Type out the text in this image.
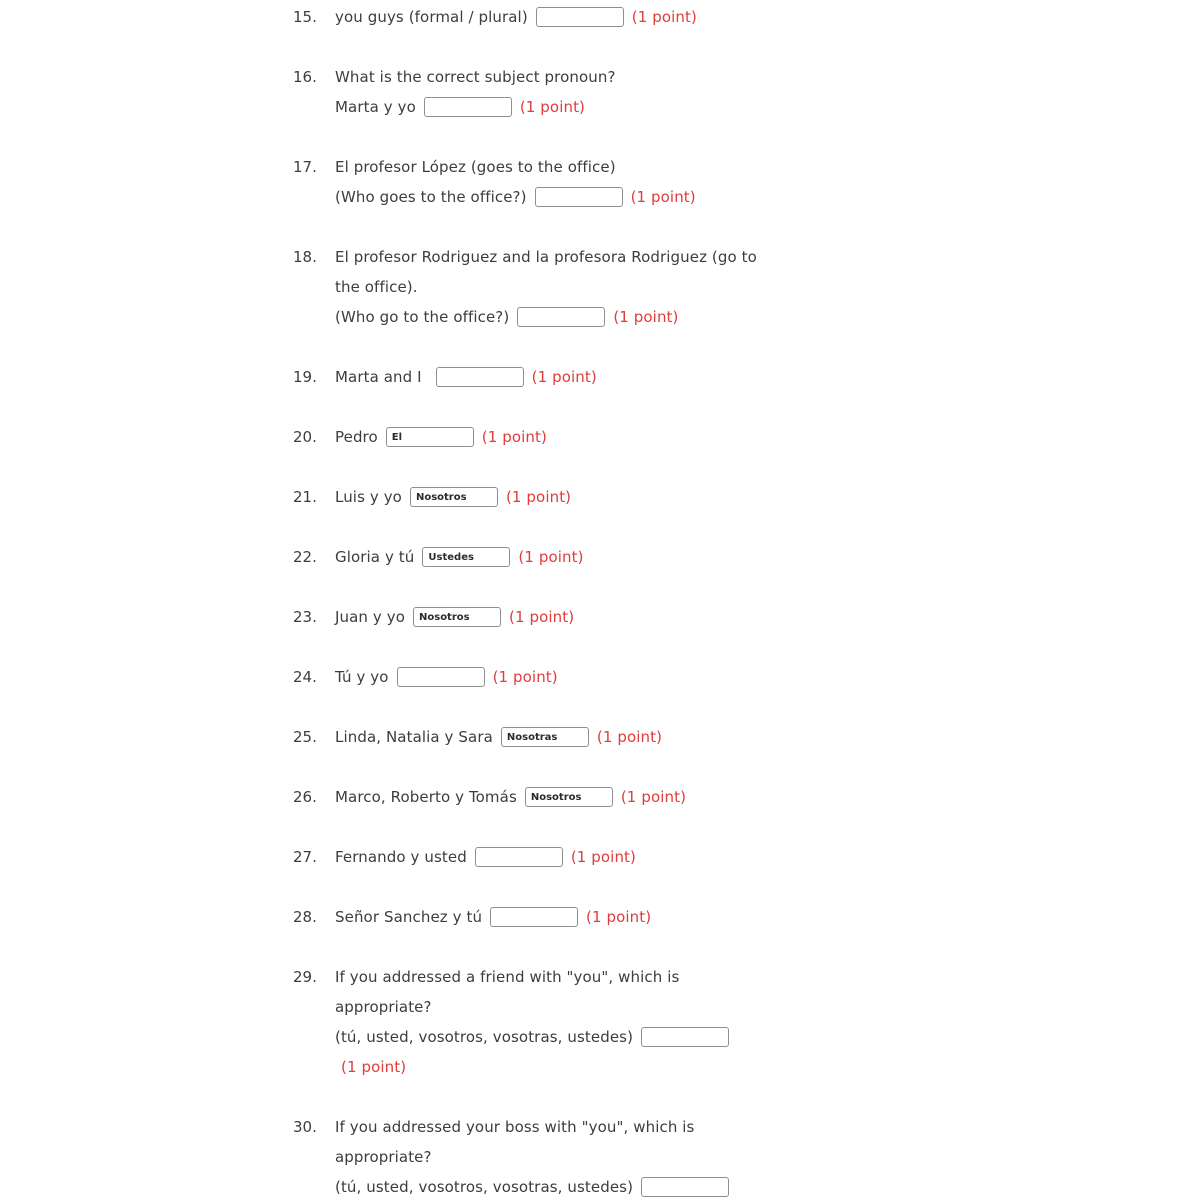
15.	you guys (formal / plural)	(1 point)
16.	What is the correct subject pronoun?
Marta y yo	(1 point)
17.	El profesor López (goes to the office)
(Who goes to the office?)	(1 point)
18.	El profesor Rodriguez and la profesora Rodriguez (go to
the office).
(Who go to the office?)	(1 point)
19.	Marta and I	(1 point)
20.	Pedro
El	(1 point)
21.	Luis y yo
Nosotros	(1 point)
22.	Gloria y tú
Ustedes	(1 point)
23.	Juan y yo
Nosotros	(1 point)
24.	Tú y yo	(1 point)
25.	Linda, Natalia y Sara
Nosotras	(1 point)
26.	Marco, Roberto y Tomás
Nosotros	(1 point)
27.	Fernando y usted	(1 point)
28.	Señor Sanchez y tú	(1 point)
29.	If you addressed a friend with "you", which is
appropriate?
(tú, usted, vosotros, vosotras, ustedes)
(1 point)
30.	If you addressed your boss with "you", which is
appropriate?
(tú, usted, vosotros, vosotras, ustedes)
